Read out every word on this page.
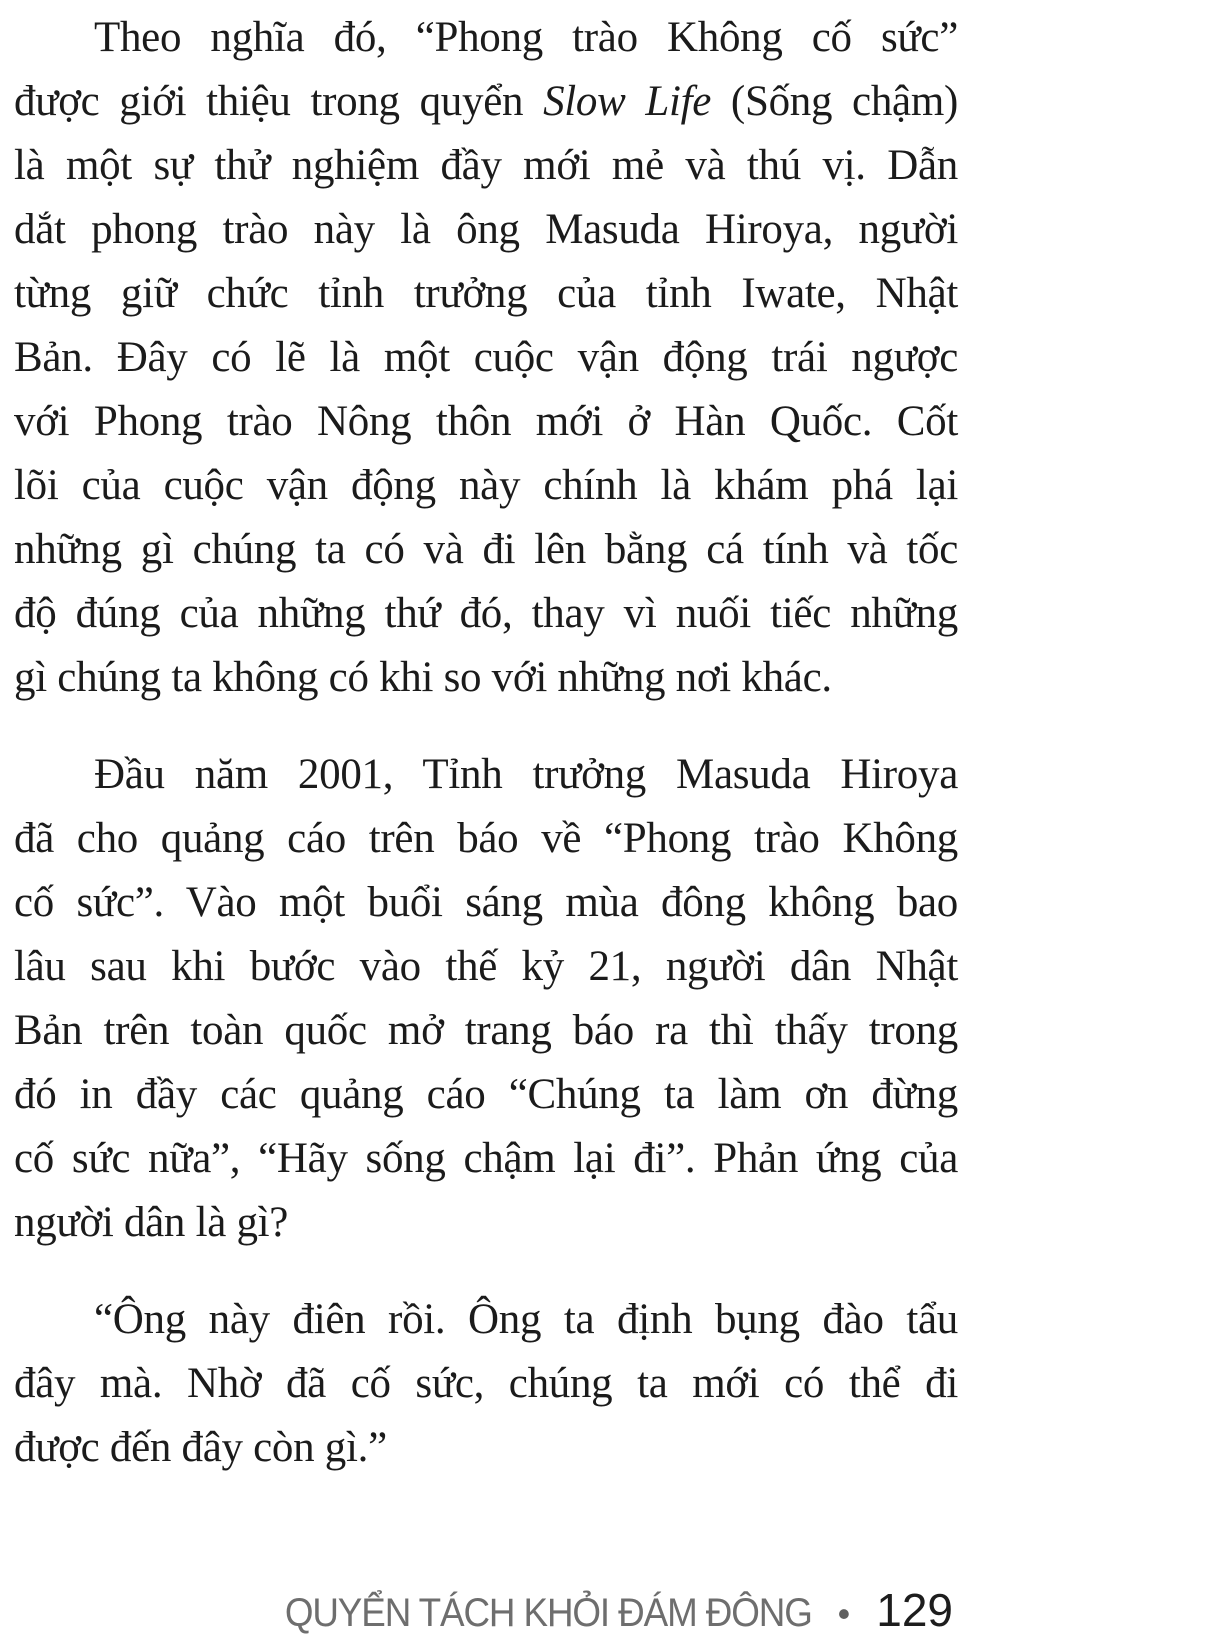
Theo nghĩa đó, “Phong trào Không cố sức”
được giới thiệu trong quyển Slow Life (Sống chậm)
là một sự thử nghiệm đầy mới mẻ và thú vị. Dẫn
dắt phong trào này là ông Masuda Hiroya, người
từng giữ chức tỉnh trưởng của tỉnh Iwate, Nhật
Bản. Đây có lẽ là một cuộc vận động trái ngược
với Phong trào Nông thôn mới ở Hàn Quốc. Cốt
lõi của cuộc vận động này chính là khám phá lại
những gì chúng ta có và đi lên bằng cá tính và tốc
độ đúng của những thứ đó, thay vì nuối tiếc những
gì chúng ta không có khi so với những nơi khác.

Đầu năm 2001, Tỉnh trưởng Masuda Hiroya
đã cho quảng cáo trên báo về “Phong trào Không
cố sức”. Vào một buổi sáng mùa đông không bao
lâu sau khi bước vào thế kỷ 21, người dân Nhật
Bản trên toàn quốc mở trang báo ra thì thấy trong
đó in đầy các quảng cáo “Chúng ta làm ơn đừng
cố sức nữa”, “Hãy sống chậm lại đi”. Phản ứng của
người dân là gì?

“Ông này điên rồi. Ông ta định bụng đào tẩu
đây mà. Nhờ đã cố sức, chúng ta mới có thể đi
được đến đây còn gì.”

QUYỂN TÁCH KHỎI ĐÁM ĐÔNG • 129
